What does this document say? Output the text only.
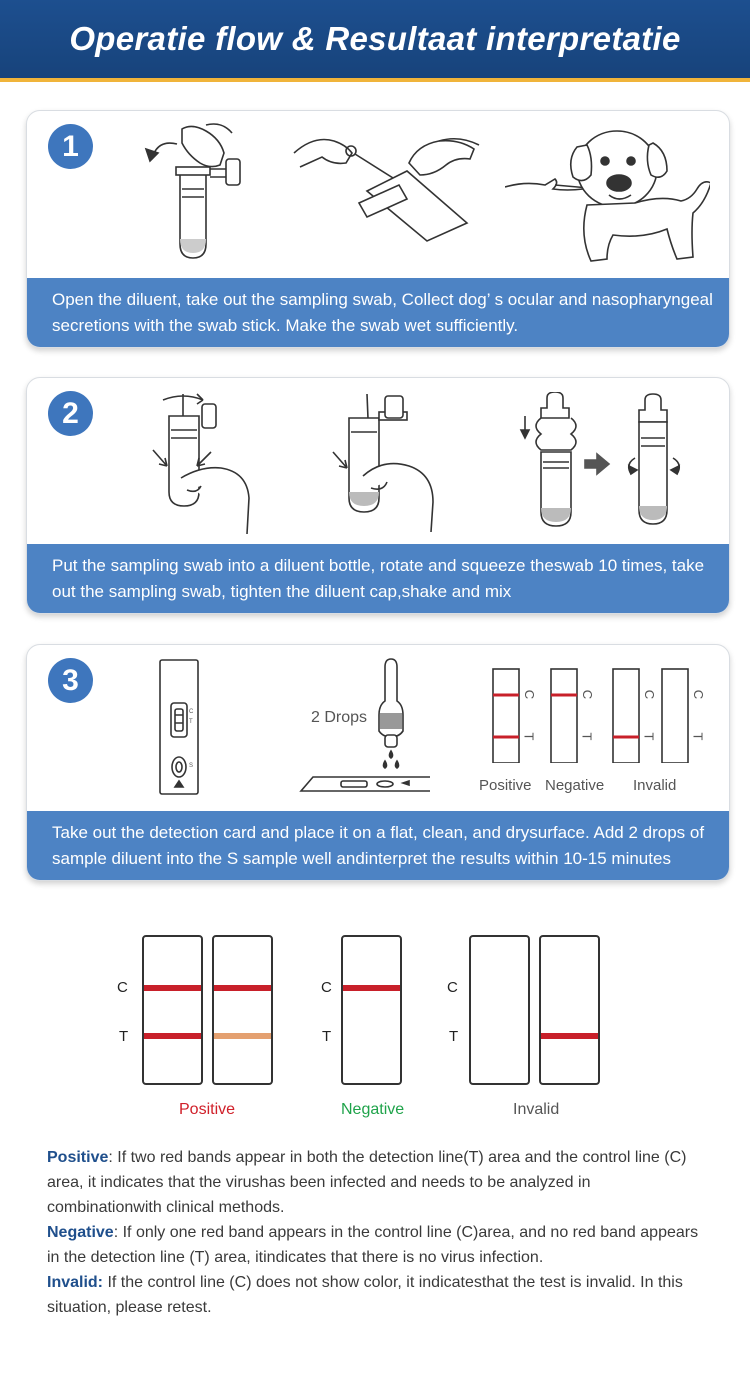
Operatie flow & Resultaat interpretatie
1
Open the diluent, take out the sampling swab, Collect dog’ s ocular and nasopharyngeal secretions with the swab stick. Make the swab wet sufficiently.
2
Put the sampling swab into a diluent bottle, rotate and squeeze theswab 10 times, take out the sampling swab, tighten the diluent cap,shake and mix
3
C
T
S
2 Drops
C
T
C
T
C
T
C
T
Positive Negative Invalid
Take out the detection card and place it on a flat, clean, and drysurface. Add 2 drops of sample diluent into the S sample well andinterpret the results within 10-15 minutes
C
T
Positive
C
T
Negative
C
T
Invalid

Positive: If two red bands appear in both the detection line(T) area and the control line (C) area, it indicates that the virushas been infected and needs to be analyzed in combinationwith clinical methods.

Negative: If only one red band appears in the control line (C)area, and no red band appears in the detection line (T) area, itindicates that there is no virus infection.

Invalid: If the control line (C) does not show color, it indicatesthat the test is invalid. In this situation, please retest.
